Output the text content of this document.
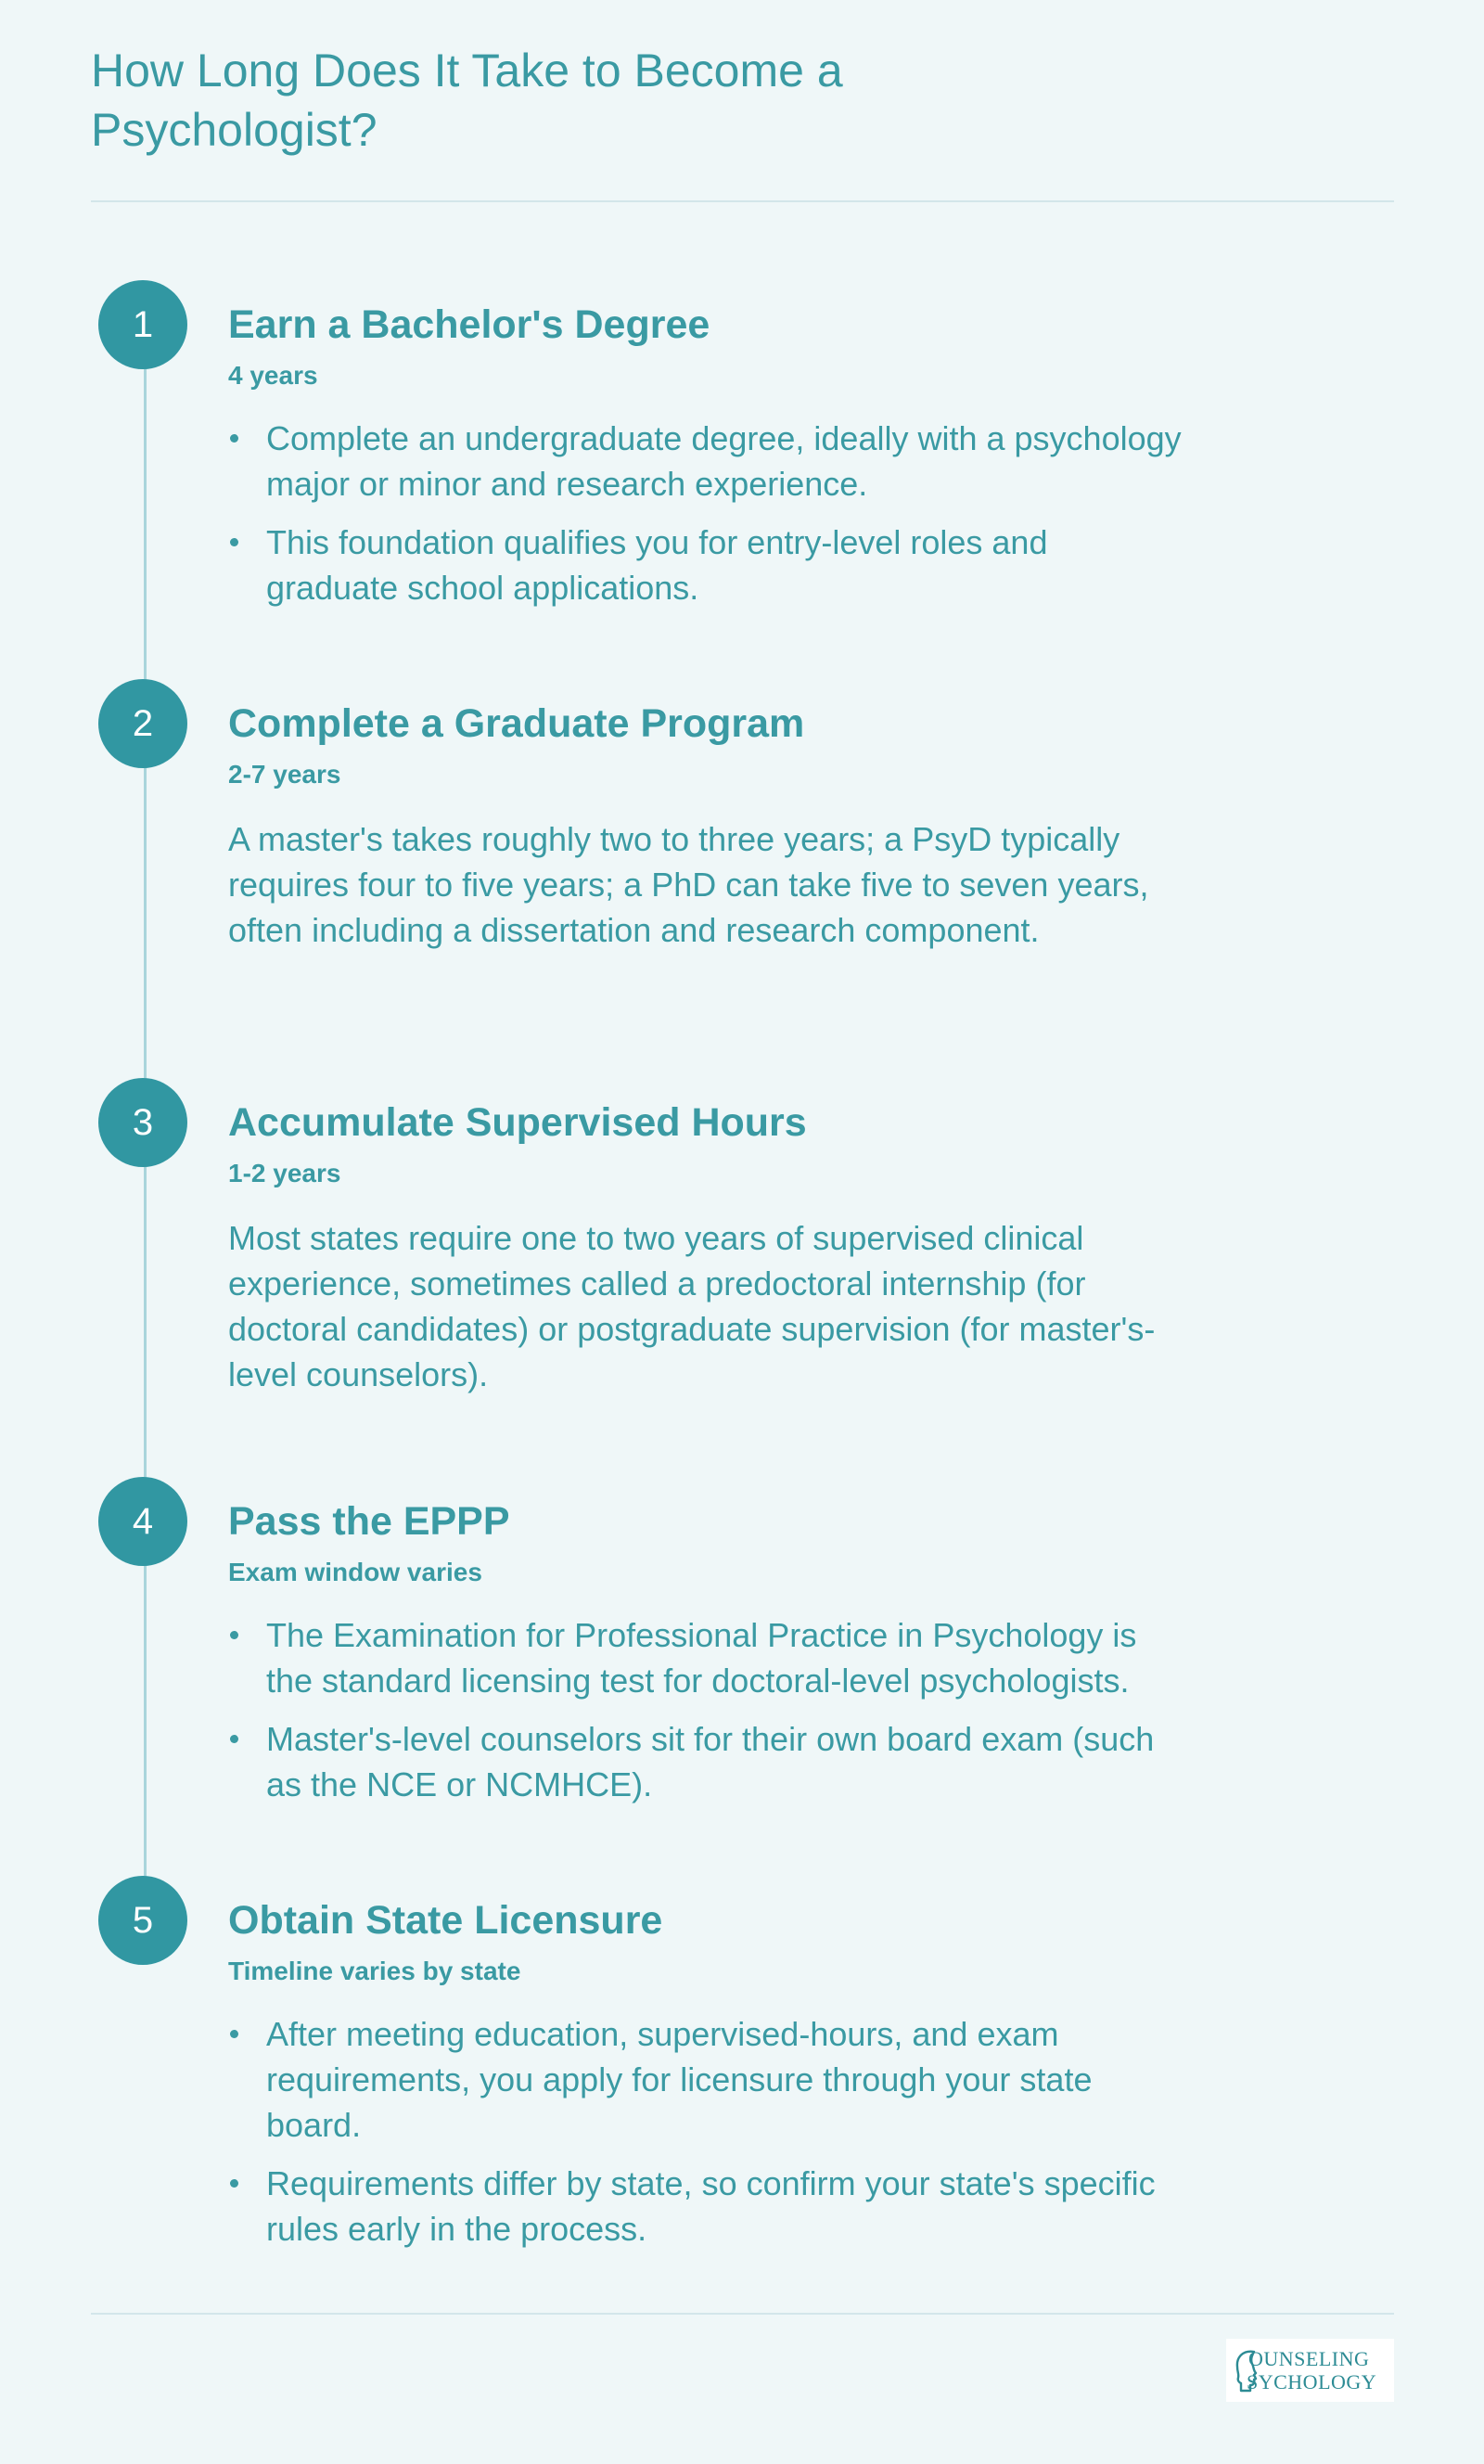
How Long Does It Take to Become a Psychologist?
1	Earn a Bachelor's Degree
4 years
Complete an undergraduate degree, ideally with a psychology major or minor and research experience.
This foundation qualifies you for entry-level roles and graduate school applications.
2	Complete a Graduate Program
2-7 years

A master's takes roughly two to three years; a PsyD typically requires four to five years; a PhD can take five to seven years, often including a dissertation and research component.

3	Accumulate Supervised Hours
1-2 years

Most states require one to two years of supervised clinical experience, sometimes called a predoctoral internship (for doctoral candidates) or postgraduate supervision (for master's-level counselors).

4	Pass the EPPP
Exam window varies
The Examination for Professional Practice in Psychology is the standard licensing test for doctoral-level psychologists.
Master's-level counselors sit for their own board exam (such as the NCE or NCMHCE).
5	Obtain State Licensure
Timeline varies by state
After meeting education, supervised-hours, and exam requirements, you apply for licensure through your state board.
Requirements differ by state, so confirm your state's specific rules early in the process.
OUNSELING
SYCHOLOGY
